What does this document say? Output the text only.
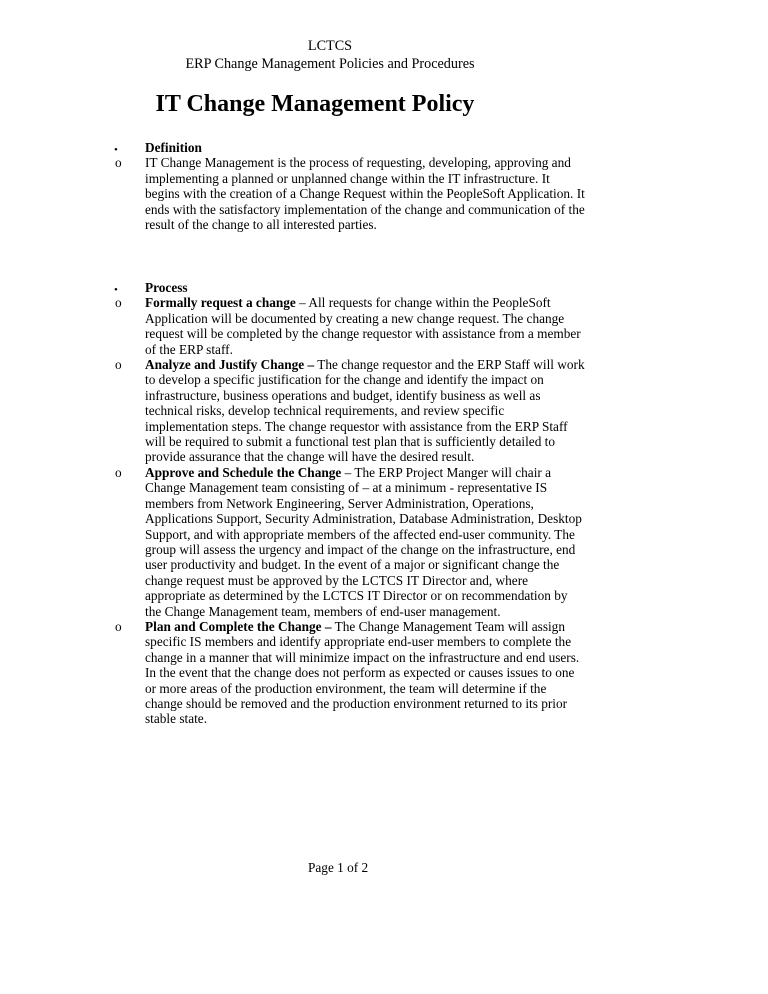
LCTCS
ERP Change Management Policies and Procedures
IT Change Management Policy
• Definition
o IT Change Management is the process of requesting, developing, approving and implementing a planned or unplanned change within the IT infrastructure. It begins with the creation of a Change Request within the PeopleSoft Application. It ends with the satisfactory implementation of the change and communication of the result of the change to all interested parties.
• Process
o Formally request a change – All requests for change within the PeopleSoft Application will be documented by creating a new change request. The change request will be completed by the change requestor with assistance from a member of the ERP staff.
o Analyze and Justify Change – The change requestor and the ERP Staff will work to develop a specific justification for the change and identify the impact on infrastructure, business operations and budget, identify business as well as technical risks, develop technical requirements, and review specific implementation steps. The change requestor with assistance from the ERP Staff will be required to submit a functional test plan that is sufficiently detailed to provide assurance that the change will have the desired result.
o Approve and Schedule the Change – The ERP Project Manger will chair a Change Management team consisting of – at a minimum - representative IS members from Network Engineering, Server Administration, Operations, Applications Support, Security Administration, Database Administration, Desktop Support, and with appropriate members of the affected end-user community. The group will assess the urgency and impact of the change on the infrastructure, end user productivity and budget. In the event of a major or significant change the change request must be approved by the LCTCS IT Director and, where appropriate as determined by the LCTCS IT Director or on recommendation by the Change Management team, members of end-user management.
o Plan and Complete the Change – The Change Management Team will assign specific IS members and identify appropriate end-user members to complete the change in a manner that will minimize impact on the infrastructure and end users. In the event that the change does not perform as expected or causes issues to one or more areas of the production environment, the team will determine if the change should be removed and the production environment returned to its prior stable state.
Page 1 of 2
